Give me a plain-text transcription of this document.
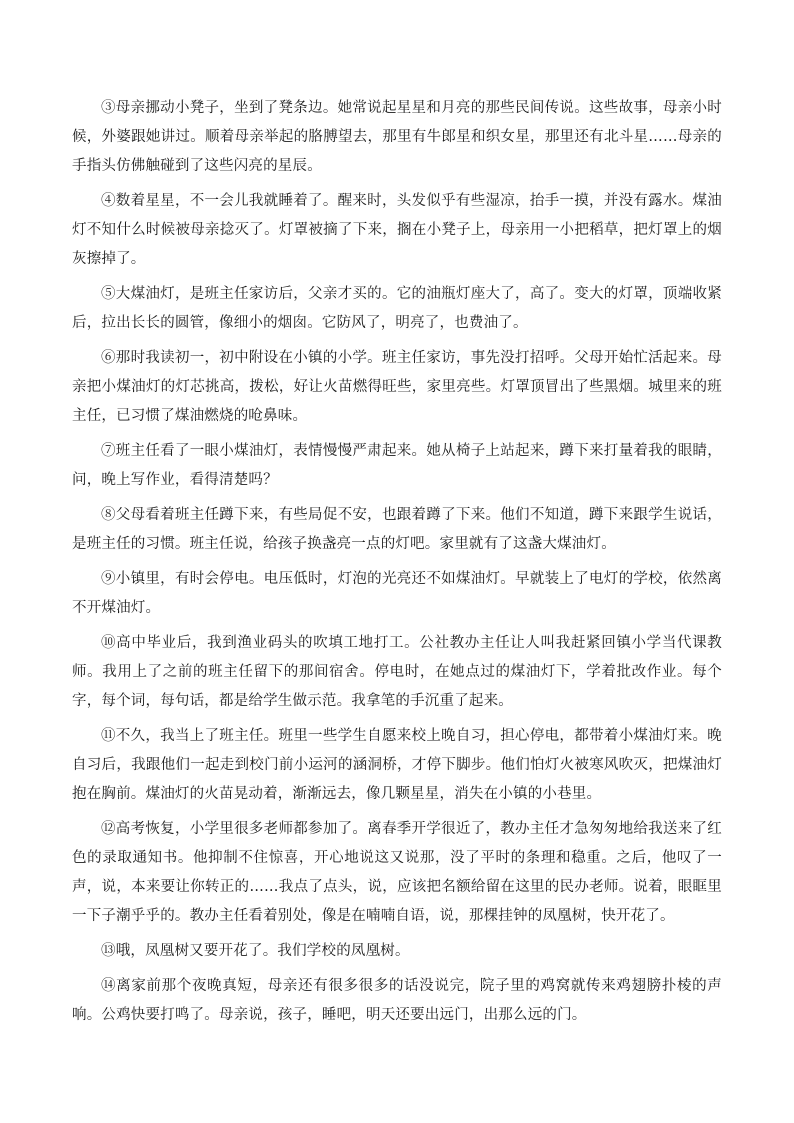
③母亲挪动小凳子，坐到了凳条边。她常说起星星和月亮的那些民间传说。这些故事，母亲小时候，外婆跟她讲过。顺着母亲举起的胳膊望去，那里有牛郎星和织女星，那里还有北斗星……母亲的手指头仿佛触碰到了这些闪亮的星辰。

④数着星星，不一会儿我就睡着了。醒来时，头发似乎有些湿凉，抬手一摸，并没有露水。煤油灯不知什么时候被母亲捻灭了。灯罩被摘了下来，搁在小凳子上，母亲用一小把稻草，把灯罩上的烟灰擦掉了。

⑤大煤油灯，是班主任家访后，父亲才买的。它的油瓶灯座大了，高了。变大的灯罩，顶端收紧后，拉出长长的圆管，像细小的烟囱。它防风了，明亮了，也费油了。

⑥那时我读初一，初中附设在小镇的小学。班主任家访，事先没打招呼。父母开始忙活起来。母亲把小煤油灯的灯芯挑高，拨松，好让火苗燃得旺些，家里亮些。灯罩顶冒出了些黑烟。城里来的班主任，已习惯了煤油燃烧的呛鼻味。

⑦班主任看了一眼小煤油灯，表情慢慢严肃起来。她从椅子上站起来，蹲下来打量着我的眼睛，问，晚上写作业，看得清楚吗？

⑧父母看着班主任蹲下来，有些局促不安，也跟着蹲了下来。他们不知道，蹲下来跟学生说话，是班主任的习惯。班主任说，给孩子换盏亮一点的灯吧。家里就有了这盏大煤油灯。

⑨小镇里，有时会停电。电压低时，灯泡的光亮还不如煤油灯。早就装上了电灯的学校，依然离不开煤油灯。

⑩高中毕业后，我到渔业码头的吹填工地打工。公社教办主任让人叫我赶紧回镇小学当代课教师。我用上了之前的班主任留下的那间宿舍。停电时，在她点过的煤油灯下，学着批改作业。每个字，每个词，每句话，都是给学生做示范。我拿笔的手沉重了起来。

⑪不久，我当上了班主任。班里一些学生自愿来校上晚自习，担心停电，都带着小煤油灯来。晚自习后，我跟他们一起走到校门前小运河的涵洞桥，才停下脚步。他们怕灯火被寒风吹灭，把煤油灯抱在胸前。煤油灯的火苗晃动着，渐渐远去，像几颗星星，消失在小镇的小巷里。

⑫高考恢复，小学里很多老师都参加了。离春季开学很近了，教办主任才急匆匆地给我送来了红色的录取通知书。他抑制不住惊喜，开心地说这又说那，没了平时的条理和稳重。之后，他叹了一声，说，本来要让你转正的……我点了点头，说，应该把名额给留在这里的民办老师。说着，眼眶里一下子潮乎乎的。教办主任看着别处，像是在喃喃自语，说，那棵挂钟的凤凰树，快开花了。

⑬哦，凤凰树又要开花了。我们学校的凤凰树。

⑭离家前那个夜晚真短，母亲还有很多很多的话没说完，院子里的鸡窝就传来鸡翅膀扑棱的声响。公鸡快要打鸣了。母亲说，孩子，睡吧，明天还要出远门，出那么远的门。
